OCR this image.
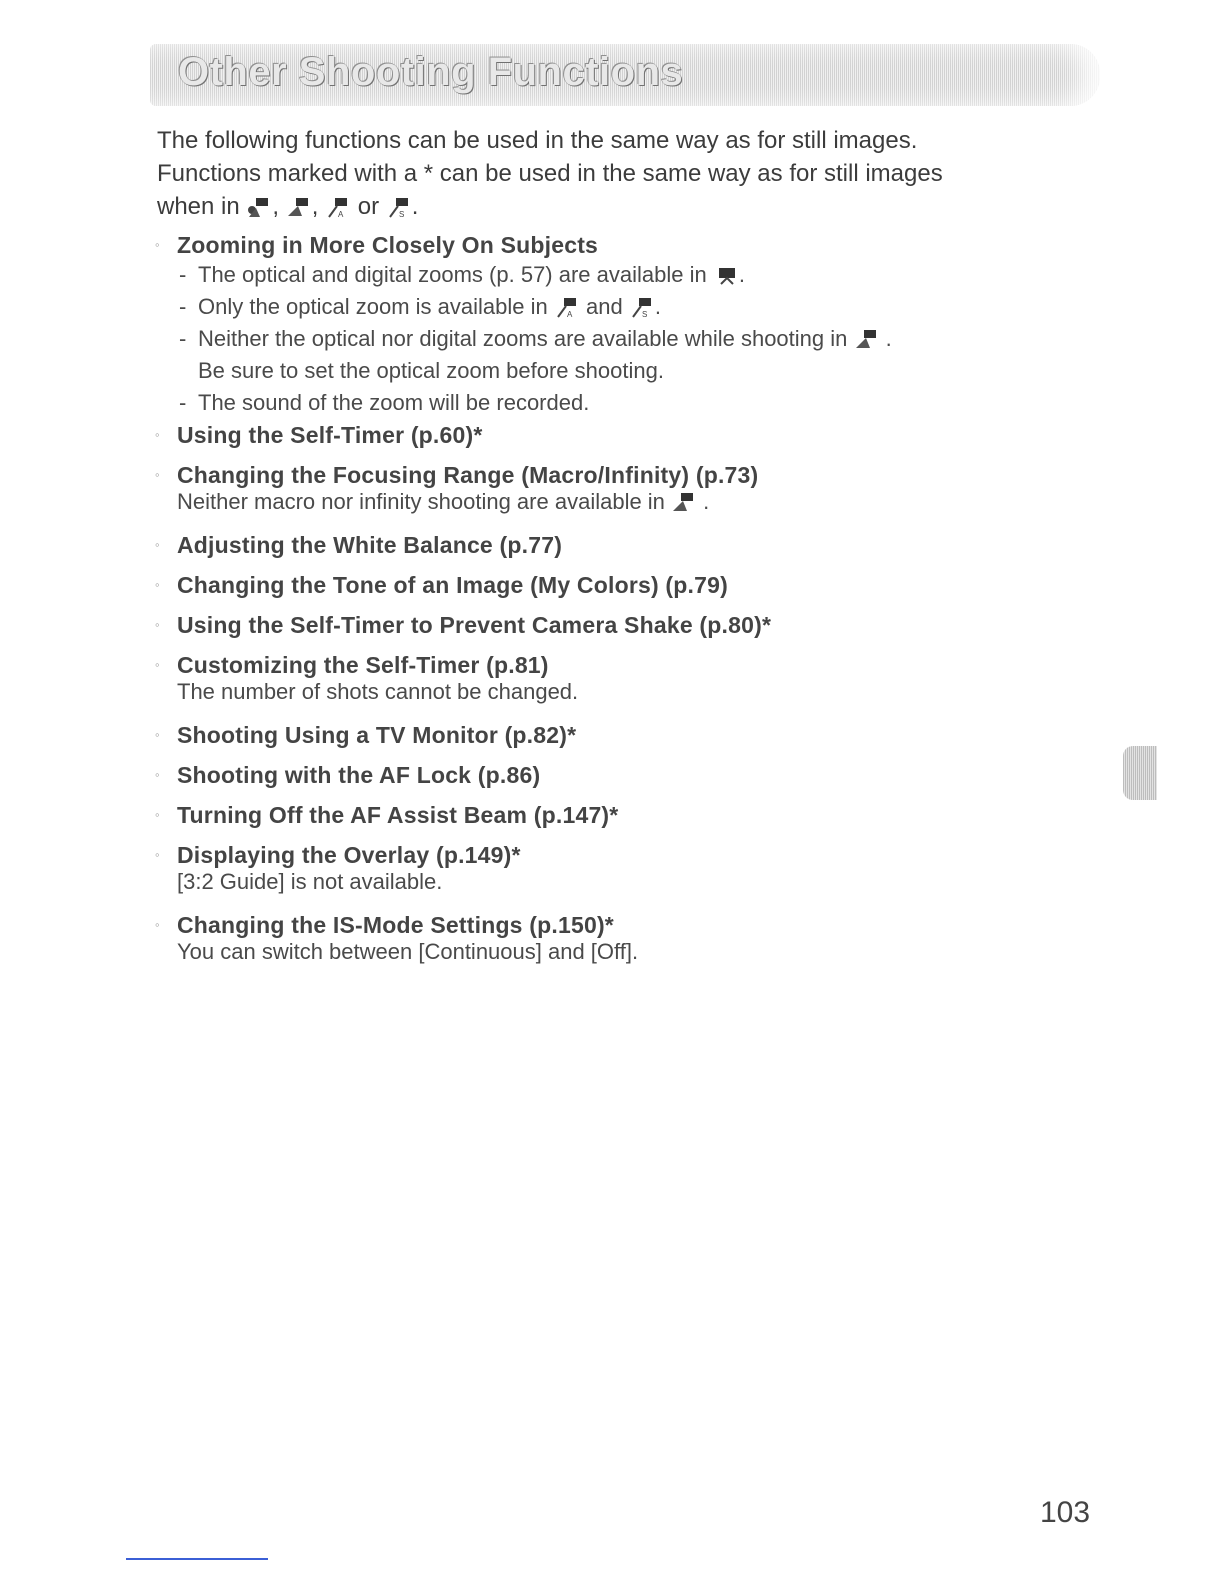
Other Shooting Functions
The following functions can be used in the same way as for still images.
Functions marked with a * can be used in the same way as for still images
when in , , A or S .
◦ Zooming in More Closely On Subjects
- The optical and digital zooms (p. 57) are available in .
- Only the optical zoom is available in A and S .
- Neither the optical nor digital zooms are available while shooting in .
Be sure to set the optical zoom before shooting.
- The sound of the zoom will be recorded.
◦ Using the Self-Timer (p.60)*
◦ Changing the Focusing Range (Macro/Infinity) (p.73)
Neither macro nor infinity shooting are available in .
◦ Adjusting the White Balance (p.77)
◦ Changing the Tone of an Image (My Colors) (p.79)
◦ Using the Self-Timer to Prevent Camera Shake (p.80)*
◦ Customizing the Self-Timer (p.81)
The number of shots cannot be changed.
◦ Shooting Using a TV Monitor (p.82)*
◦ Shooting with the AF Lock (p.86)
◦ Turning Off the AF Assist Beam (p.147)*
◦ Displaying the Overlay (p.149)*
[3:2 Guide] is not available.
◦ Changing the IS-Mode Settings (p.150)*
You can switch between [Continuous] and [Off].
103
